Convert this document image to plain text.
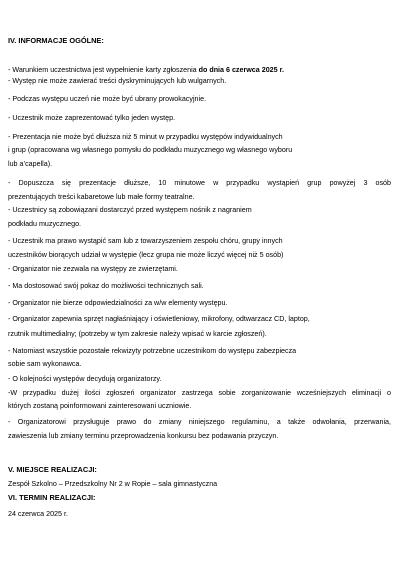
IV. INFORMACJE OGÓLNE:
- Warunkiem uczestnictwa jest wypełnienie karty zgłoszenia do dnia 6 czerwca 2025 r.
- Występ nie może zawierać treści dyskryminujących lub wulgarnych.
- Podczas występu uczeń nie może być ubrany prowokacyjnie.
- Uczestnik może zaprezentować tylko jeden występ.
- Prezentacja nie może być dłuższa niż 5 minut w przypadku występów indywidualnych
i grup (opracowana wg własnego pomysłu do podkładu muzycznego wg własnego wyboru
lub a’capella).
- Dopuszcza się prezentacje dłuższe, 10 minutowe w przypadku wystąpień grup powyżej 3 osób
prezentujących treści kabaretowe lub małe formy teatralne.
- Uczestnicy są zobowiązani dostarczyć przed występem nośnik z nagraniem
podkładu muzycznego.
- Uczestnik ma prawo wystąpić sam lub z towarzyszeniem zespołu chóru, grupy innych
uczestników biorących udział w występie (lecz grupa nie może liczyć więcej niż 5 osób)
- Organizator nie zezwala na występy ze zwierzętami.
- Ma dostosować swój pokaz do możliwości technicznych sali.
- Organizator nie bierze odpowiedzialności za w/w elementy występu.
- Organizator zapewnia sprzęt nagłaśniający i oświetleniowy, mikrofony, odtwarzacz CD, laptop,
rzutnik multimedialny; (potrzeby w tym zakresie należy wpisać w karcie zgłoszeń).
- Natomiast wszystkie pozostałe rekwizyty potrzebne uczestnikom do występu zabezpiecza
sobie sam wykonawca.
- O kolejności występów decydują organizatorzy.
-W przypadku dużej ilości zgłoszeń organizator zastrzega sobie zorganizowanie wcześniejszych eliminacji o
których zostaną poinformowani zainteresowani uczniowie.
- Organizatorowi przysługuje prawo do zmiany niniejszego regulaminu, a także odwołania, przerwania,
zawieszenia lub zmiany terminu przeprowadzenia konkursu bez podawania przyczyn.
V. MIEJSCE REALIZACJI:
Zespół Szkolno – Przedszkolny Nr 2 w Ropie – sala gimnastyczna
VI. TERMIN REALIZACJI:
24 czerwca 2025 r.
